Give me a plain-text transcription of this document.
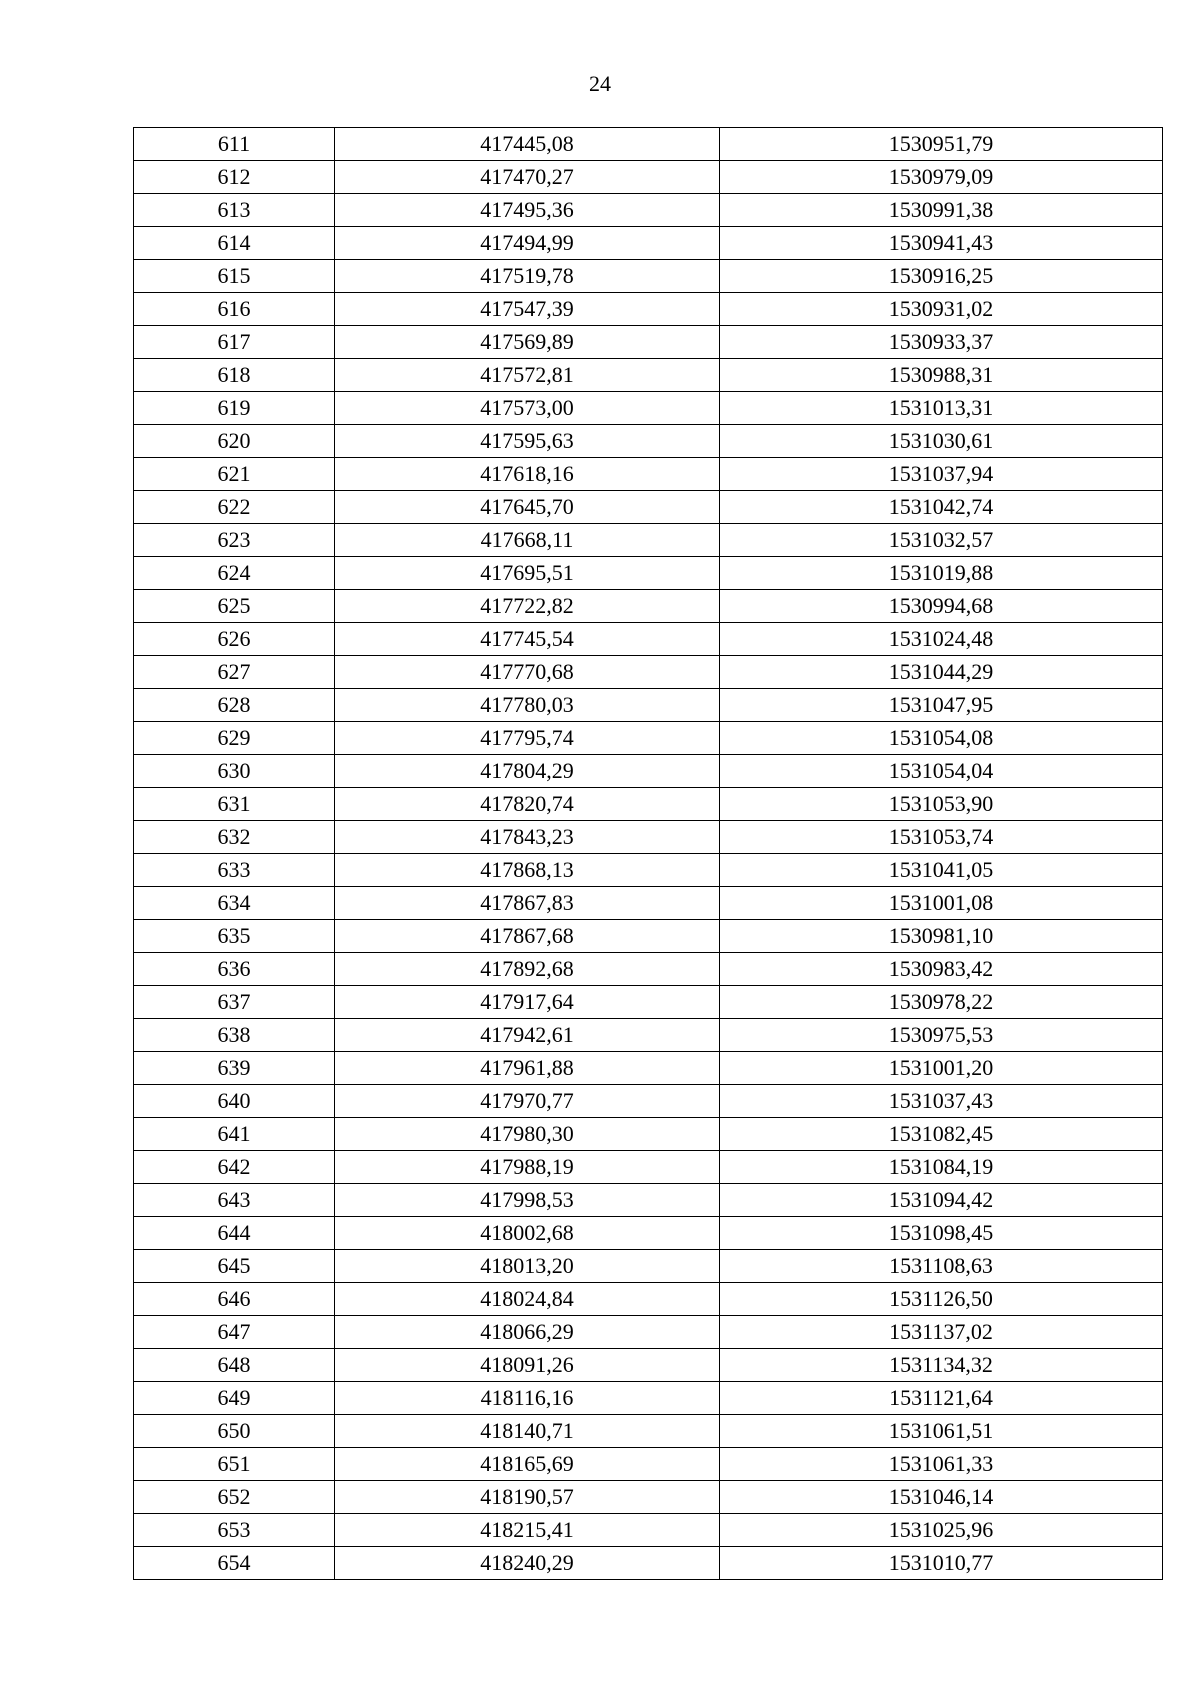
24
611	417445,08	1530951,79
612	417470,27	1530979,09
613	417495,36	1530991,38
614	417494,99	1530941,43
615	417519,78	1530916,25
616	417547,39	1530931,02
617	417569,89	1530933,37
618	417572,81	1530988,31
619	417573,00	1531013,31
620	417595,63	1531030,61
621	417618,16	1531037,94
622	417645,70	1531042,74
623	417668,11	1531032,57
624	417695,51	1531019,88
625	417722,82	1530994,68
626	417745,54	1531024,48
627	417770,68	1531044,29
628	417780,03	1531047,95
629	417795,74	1531054,08
630	417804,29	1531054,04
631	417820,74	1531053,90
632	417843,23	1531053,74
633	417868,13	1531041,05
634	417867,83	1531001,08
635	417867,68	1530981,10
636	417892,68	1530983,42
637	417917,64	1530978,22
638	417942,61	1530975,53
639	417961,88	1531001,20
640	417970,77	1531037,43
641	417980,30	1531082,45
642	417988,19	1531084,19
643	417998,53	1531094,42
644	418002,68	1531098,45
645	418013,20	1531108,63
646	418024,84	1531126,50
647	418066,29	1531137,02
648	418091,26	1531134,32
649	418116,16	1531121,64
650	418140,71	1531061,51
651	418165,69	1531061,33
652	418190,57	1531046,14
653	418215,41	1531025,96
654	418240,29	1531010,77
